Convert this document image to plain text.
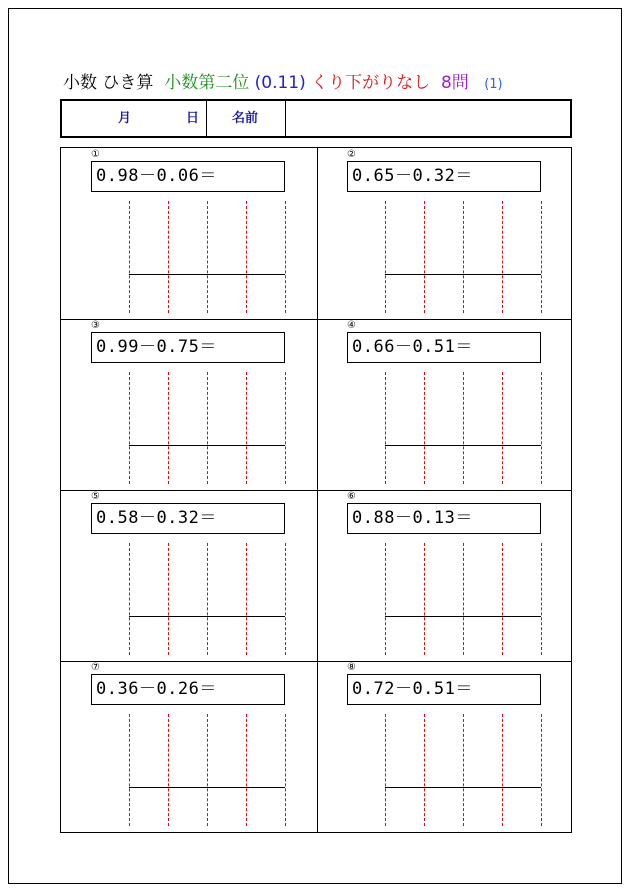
小数 ひき算 小数第二位 (0.11) くり下がりなし 8問 (1)
月	日	名前
①
0.98－0.06＝
②
0.65－0.32＝
③
0.99－0.75＝
④
0.66－0.51＝
⑤
0.58－0.32＝
⑥
0.88－0.13＝
⑦
0.36－0.26＝
⑧
0.72－0.51＝
